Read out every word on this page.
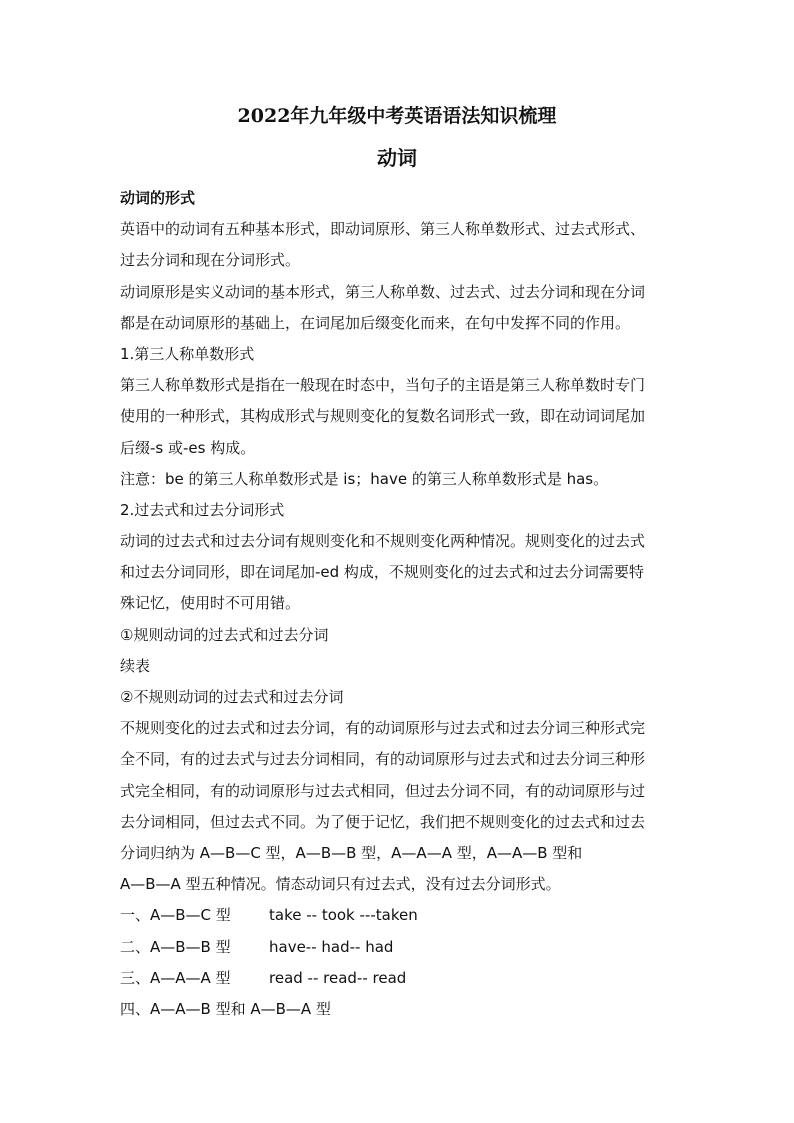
2022年九年级中考英语语法知识梳理
动词

动词的形式

英语中的动词有五种基本形式，即动词原形、第三人称单数形式、过去式形式、

过去分词和现在分词形式。

动词原形是实义动词的基本形式，第三人称单数、过去式、过去分词和现在分词

都是在动词原形的基础上，在词尾加后缀变化而来，在句中发挥不同的作用。

1.第三人称单数形式

第三人称单数形式是指在一般现在时态中，当句子的主语是第三人称单数时专门

使用的一种形式，其构成形式与规则变化的复数名词形式一致，即在动词词尾加

后缀-s 或-es 构成。

注意：be 的第三人称单数形式是 is；have 的第三人称单数形式是 has。

2.过去式和过去分词形式

动词的过去式和过去分词有规则变化和不规则变化两种情况。规则变化的过去式

和过去分词同形，即在词尾加-ed 构成，不规则变化的过去式和过去分词需要特

殊记忆，使用时不可用错。

①规则动词的过去式和过去分词

续表

②不规则动词的过去式和过去分词

不规则变化的过去式和过去分词，有的动词原形与过去式和过去分词三种形式完

全不同，有的过去式与过去分词相同，有的动词原形与过去式和过去分词三种形

式完全相同，有的动词原形与过去式相同，但过去分词不同，有的动词原形与过

去分词相同，但过去式不同。为了便于记忆，我们把不规则变化的过去式和过去

分词归纳为 A—B—C 型，A—B—B 型，A—A—A 型，A—A—B 型和

A—B—A 型五种情况。情态动词只有过去式，没有过去分词形式。

一、A—B—C 型	take -- took ---taken
二、A—B—B 型	have-- had-- had
三、A—A—A 型	read -- read-- read

四、A—A—B 型和 A—B—A 型
